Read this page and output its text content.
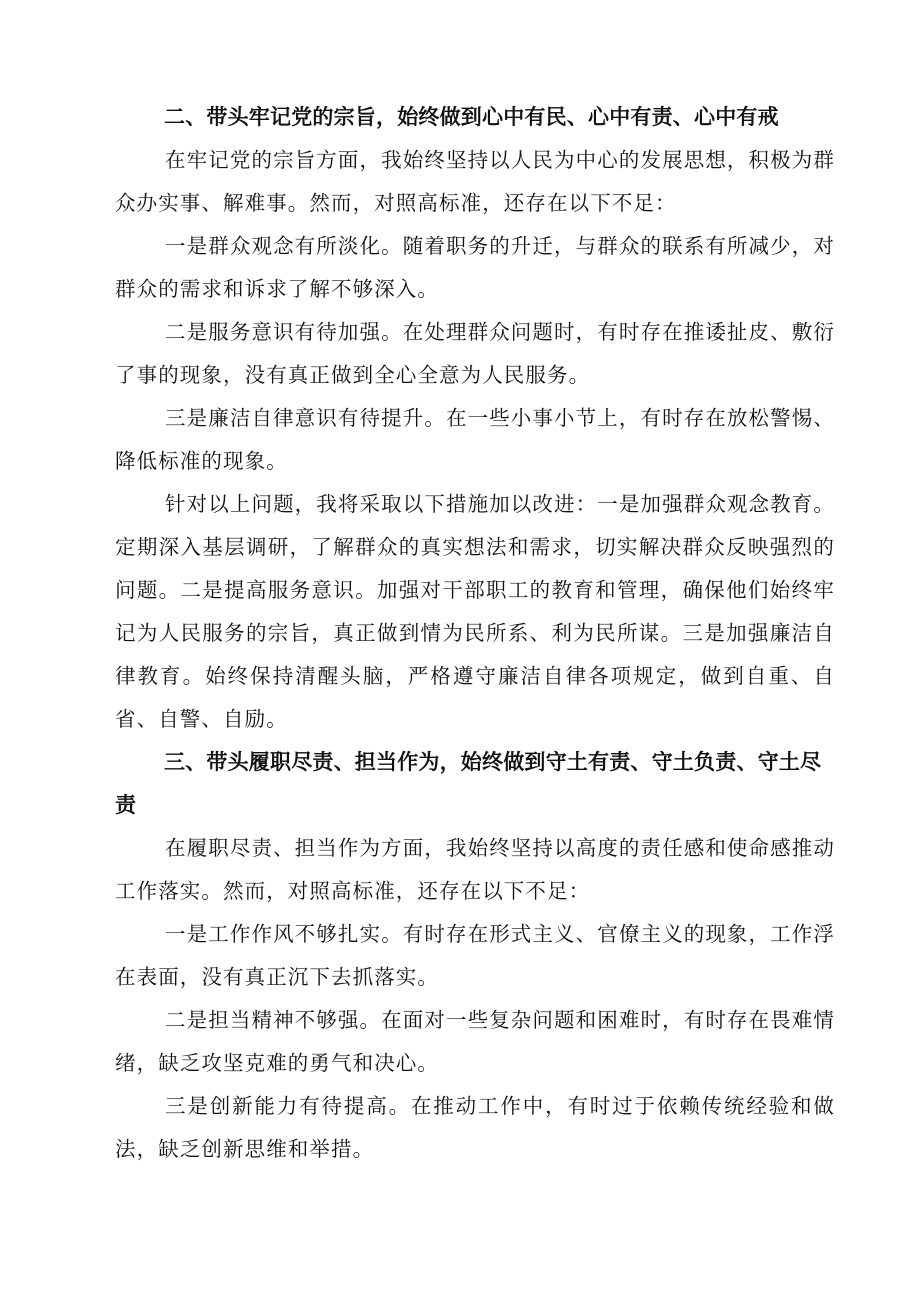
二、带头牢记党的宗旨，始终做到心中有民、心中有责、心中有戒

在牢记党的宗旨方面，我始终坚持以人民为中心的发展思想，积极为群众办实事、解难事。然而，对照高标准，还存在以下不足：

一是群众观念有所淡化。随着职务的升迁，与群众的联系有所减少，对群众的需求和诉求了解不够深入。

二是服务意识有待加强。在处理群众问题时，有时存在推诿扯皮、敷衍了事的现象，没有真正做到全心全意为人民服务。

三是廉洁自律意识有待提升。在一些小事小节上，有时存在放松警惕、降低标准的现象。

针对以上问题，我将采取以下措施加以改进：一是加强群众观念教育。定期深入基层调研，了解群众的真实想法和需求，切实解决群众反映强烈的问题。二是提高服务意识。加强对干部职工的教育和管理，确保他们始终牢记为人民服务的宗旨，真正做到情为民所系、利为民所谋。三是加强廉洁自律教育。始终保持清醒头脑，严格遵守廉洁自律各项规定，做到自重、自省、自警、自励。

三、带头履职尽责、担当作为，始终做到守土有责、守土负责、守土尽责

在履职尽责、担当作为方面，我始终坚持以高度的责任感和使命感推动工作落实。然而，对照高标准，还存在以下不足：

一是工作作风不够扎实。有时存在形式主义、官僚主义的现象，工作浮在表面，没有真正沉下去抓落实。

二是担当精神不够强。在面对一些复杂问题和困难时，有时存在畏难情绪，缺乏攻坚克难的勇气和决心。

三是创新能力有待提高。在推动工作中，有时过于依赖传统经验和做法，缺乏创新思维和举措。
